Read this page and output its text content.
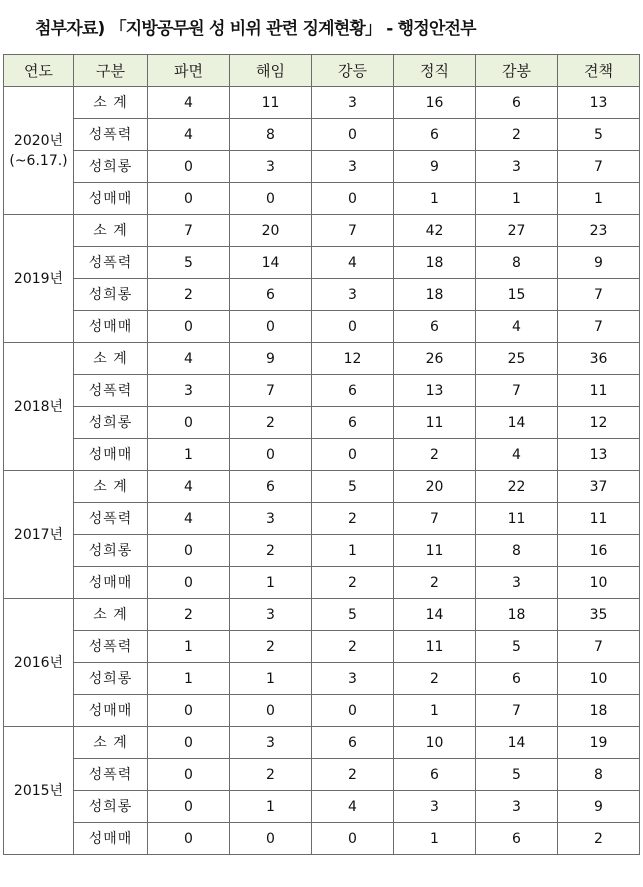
첨부자료) 「지방공무원 성 비위 관련 징계현황」 - 행정안전부
연도	구분	파면	해임	강등	정직	감봉	견책

2020년
(~6.17.)	소 계	4	11	3	16	6	13
	성폭력	4	8	0	6	2	5
	성희롱	0	3	3	9	3	7
	성매매	0	0	0	1	1	1

2019년	소 계	7	20	7	42	27	23
	성폭력	5	14	4	18	8	9
	성희롱	2	6	3	18	15	7
	성매매	0	0	0	6	4	7

2018년	소 계	4	9	12	26	25	36
	성폭력	3	7	6	13	7	11
	성희롱	0	2	6	11	14	12
	성매매	1	0	0	2	4	13

2017년	소 계	4	6	5	20	22	37
	성폭력	4	3	2	7	11	11
	성희롱	0	2	1	11	8	16
	성매매	0	1	2	2	3	10

2016년	소 계	2	3	5	14	18	35
	성폭력	1	2	2	11	5	7
	성희롱	1	1	3	2	6	10
	성매매	0	0	0	1	7	18

2015년	소 계	0	3	6	10	14	19
	성폭력	0	2	2	6	5	8
	성희롱	0	1	4	3	3	9
	성매매	0	0	0	1	6	2
